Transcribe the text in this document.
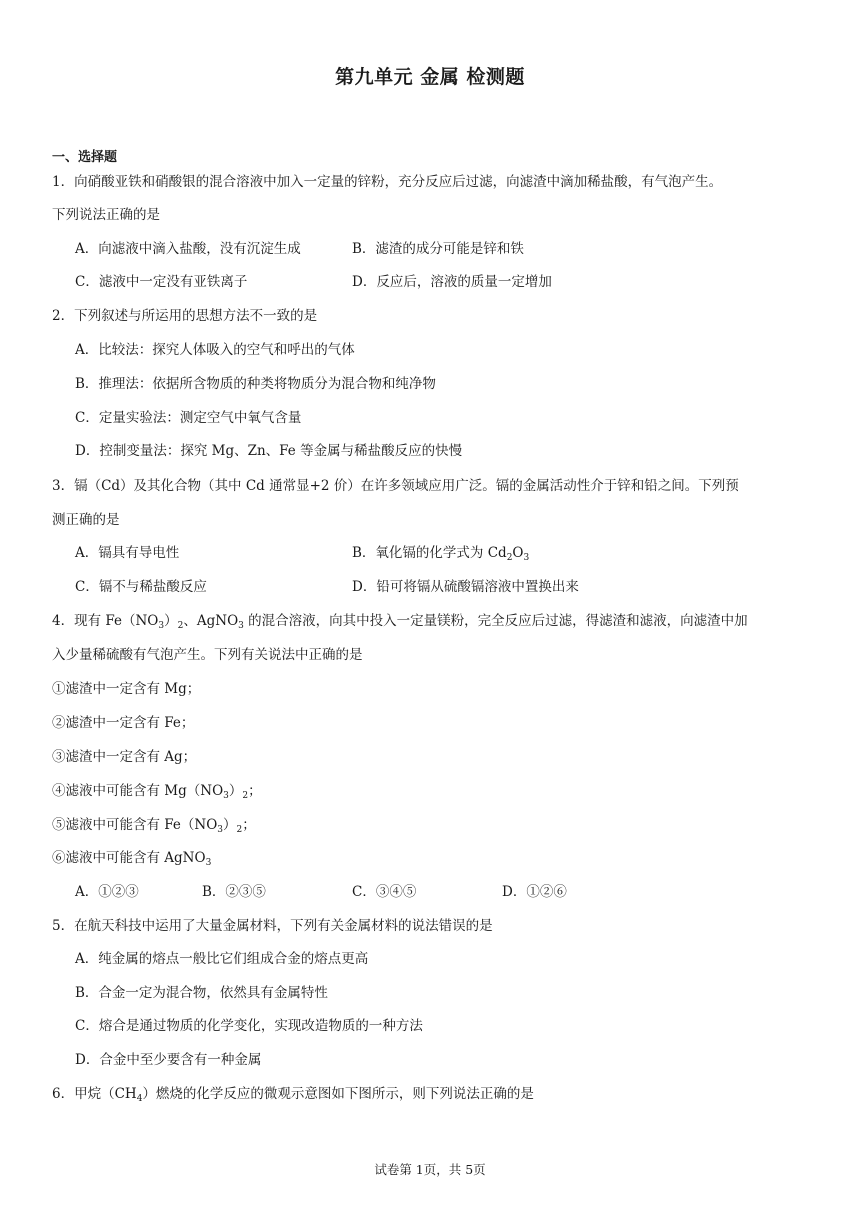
第九单元 金属 检测题
一、选择题
1．向硝酸亚铁和硝酸银的混合溶液中加入一定量的锌粉，充分反应后过滤，向滤渣中滴加稀盐酸，有气泡产生。
下列说法正确的是
A．向滤液中滴入盐酸，没有沉淀生成	B．滤渣的成分可能是锌和铁
C．滤液中一定没有亚铁离子	D．反应后，溶液的质量一定增加
2．下列叙述与所运用的思想方法不一致的是
A．比较法：探究人体吸入的空气和呼出的气体
B．推理法：依据所含物质的种类将物质分为混合物和纯净物
C．定量实验法：测定空气中氧气含量
D．控制变量法：探究 Mg、Zn、Fe 等金属与稀盐酸反应的快慢
3．镉（Cd）及其化合物（其中 Cd 通常显+2 价）在许多领域应用广泛。镉的金属活动性介于锌和铅之间。下列预
测正确的是
A．镉具有导电性	B．氧化镉的化学式为 $Cd_2O_3$
C．镉不与稀盐酸反应	D．铅可将镉从硫酸镉溶液中置换出来
4．现有 $Fe(NO_3)_2$、AgNO$_3$ 的混合溶液，向其中投入一定量镁粉，完全反应后过滤，得滤渣和滤液，向滤渣中加
入少量稀硫酸有气泡产生。下列有关说法中正确的是
①滤渣中一定含有 Mg；
②滤渣中一定含有 Fe；
③滤渣中一定含有 Ag；
④滤液中可能含有 $Mg(NO_3)_2$；
⑤滤液中可能含有 $Fe(NO_3)_2$；
⑥滤液中可能含有 AgNO$_3$
A．①②③	B．②③⑤	C．③④⑤	D．①②⑥
5．在航天科技中运用了大量金属材料，下列有关金属材料的说法错误的是
A．纯金属的熔点一般比它们组成合金的熔点更高
B．合金一定为混合物，依然具有金属特性
C．熔合是通过物质的化学变化，实现改造物质的一种方法
D．合金中至少要含有一种金属
6．甲烷$(CH_4)$燃烧的化学反应的微观示意图如下图所示，则下列说法正确的是
试卷第 1页，共 5页
